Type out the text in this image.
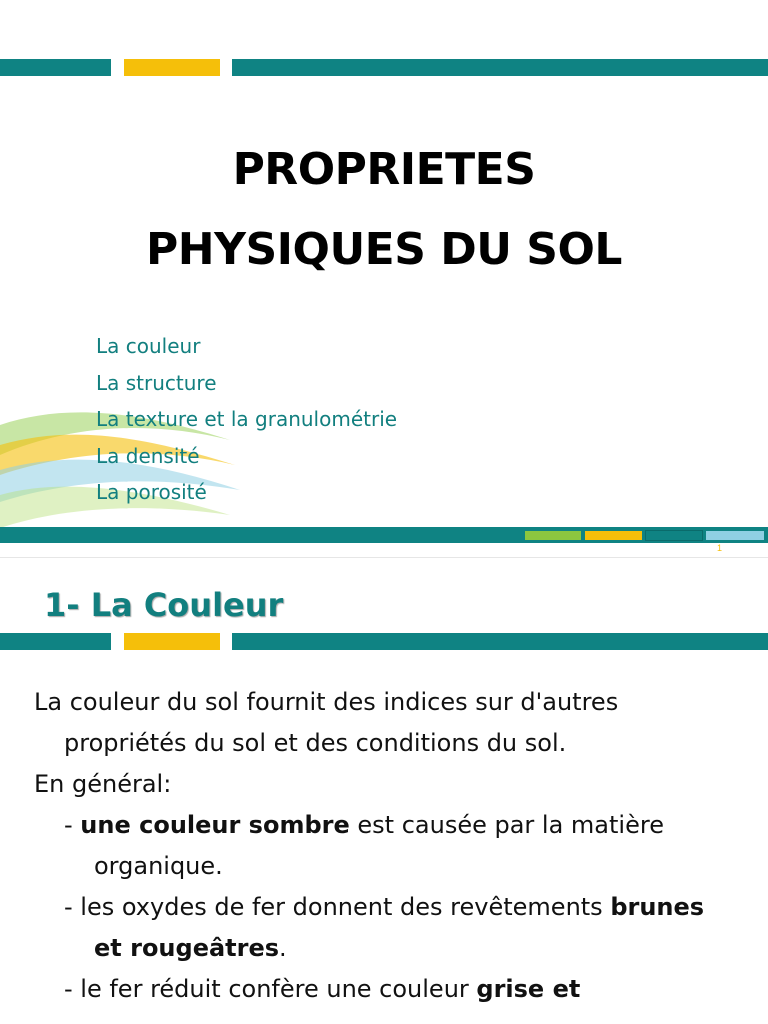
PROPRIETES
PHYSIQUES DU SOL
La couleur
La structure
La texture et la granulométrie
La densité
La porosité
1
1- La Couleur

La couleur du sol fournit des indices sur d'autres propriétés du sol et des conditions du sol.

En général:

- une couleur sombre est causée par la matière organique.

- les oxydes de fer donnent des revêtements brunes et rougeâtres.

- le fer réduit confère une couleur grise et
